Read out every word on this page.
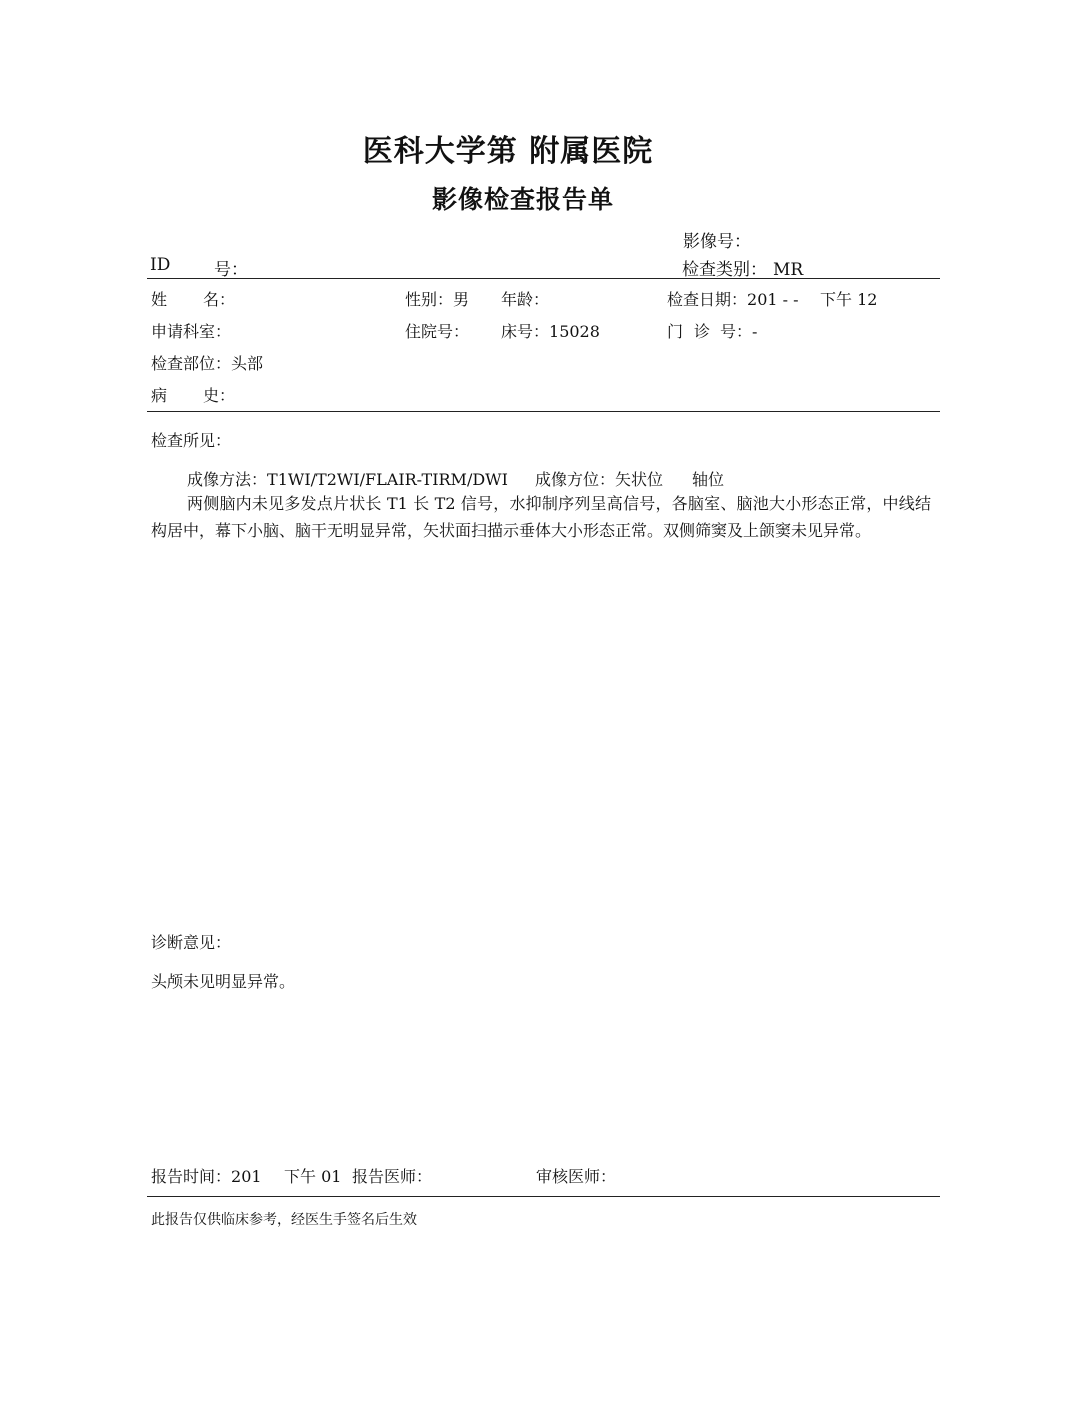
医科大学第 附属医院
影像检查报告单
影像号：
ID	号：	检查类别： MR
姓 名：	性别：男 年龄：	检查日期：201 - - 下午 12
申请科室：	住院号： 床号：15028	门 诊 号：-
检查部位：头部
病 史：
检查所见：
成像方法：T1WI/T2WI/FLAIR-TIRM/DWI 成像方位：矢状位 轴位
两侧脑内未见多发点片状长 T1 长 T2 信号，水抑制序列呈高信号，各脑室、脑池大小形态正常，中线结构居中，幕下小脑、脑干无明显异常，矢状面扫描示垂体大小形态正常。双侧筛窦及上颌窦未见异常。
诊断意见：
头颅未见明显异常。
报告时间：201 下午 01 报告医师：	审核医师：
此报告仅供临床参考，经医生手签名后生效
